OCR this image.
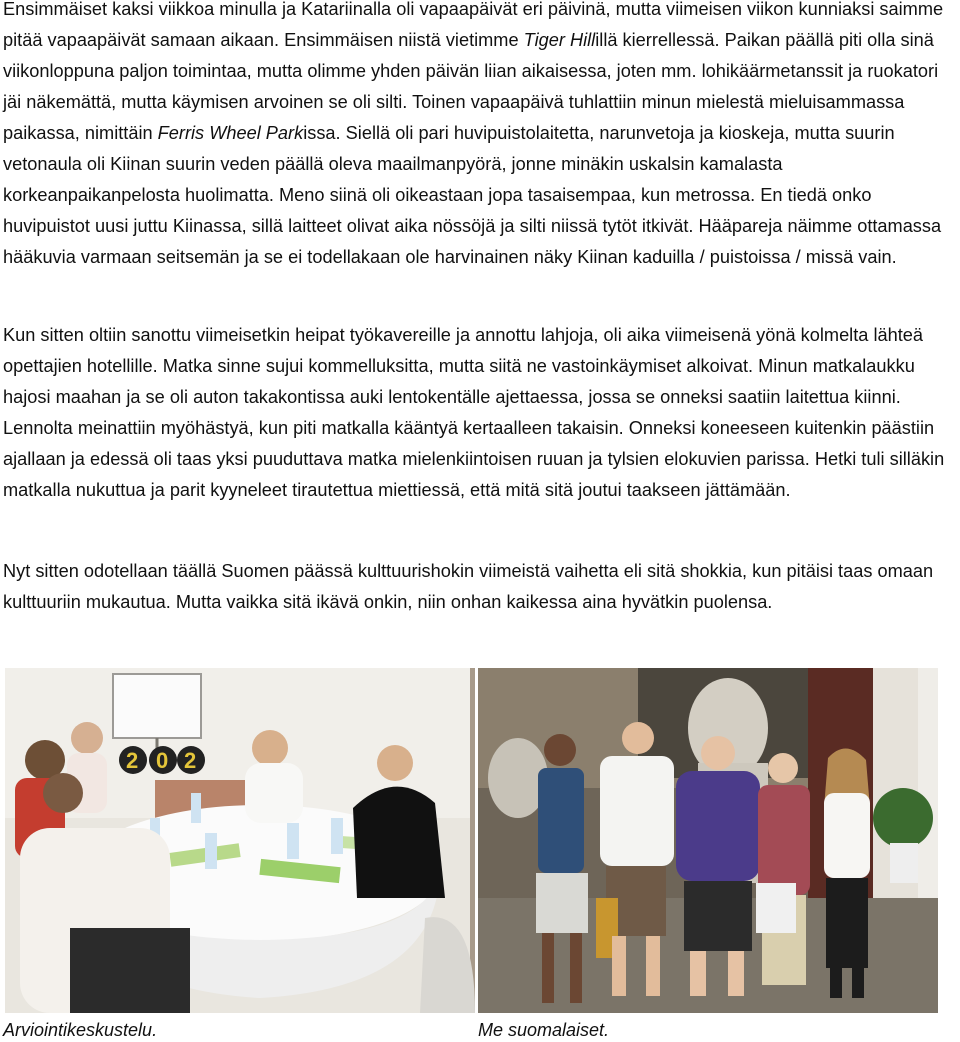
Ensimmäiset kaksi viikkoa minulla ja Katariinalla oli vapaapäivät eri päivinä, mutta viimeisen viikon kunniaksi saimme pitää vapaapäivät samaan aikaan. Ensimmäisen niistä vietimme Tiger Hillillä kierrellessä. Paikan päällä piti olla sinä viikonloppuna paljon toimintaa, mutta olimme yhden päivän liian aikaisessa, joten mm. lohikäärmetanssit ja ruokatori jäi näkemättä, mutta käymisen arvoinen se oli silti. Toinen vapaapäivä tuhlattiin minun mielestä mieluisammassa paikassa, nimittäin Ferris Wheel Parkissa. Siellä oli pari huvipuistolaitetta, narunvetoja ja kioskeja, mutta suurin vetonaula oli Kiinan suurin veden päällä oleva maailmanpyörä, jonne minäkin uskalsin kamalasta korkeanpaikanpelosta huolimatta. Meno siinä oli oikeastaan jopa tasaisempaa, kun metrossa. En tiedä onko huvipuistot uusi juttu Kiinassa, sillä laitteet olivat aika nössöjä ja silti niissä tytöt itkivät. Hääpareja näimme ottamassa hääkuvia varmaan seitsemän ja se ei todellakaan ole harvinainen näky Kiinan kaduilla / puistoissa / missä vain.

Kun sitten oltiin sanottu viimeisetkin heipat työkavereille ja annottu lahjoja, oli aika viimeisenä yönä kolmelta lähteä opettajien hotellille. Matka sinne sujui kommelluksitta, mutta siitä ne vastoinkäymiset alkoivat. Minun matkalaukku hajosi maahan ja se oli auton takakontissa auki lentokentälle ajettaessa, jossa se onneksi saatiin laitettua kiinni. Lennolta meinattiin myöhästyä, kun piti matkalla kääntyä kertaalleen takaisin. Onneksi koneeseen kuitenkin päästiin ajallaan ja edessä oli taas yksi puuduttava matka mielenkiintoisen ruuan ja tylsien elokuvien parissa. Hetki tuli silläkin matkalla nukuttua ja parit kyyneleet tirautettua miettiessä, että mitä sitä joutui taakseen jättämään.

Nyt sitten odotellaan täällä Suomen päässä kulttuurishokin viimeistä vaihetta eli sitä shokkia, kun pitäisi taas omaan kulttuuriin mukautua. Mutta vaikka sitä ikävä onkin, niin onhan kaikessa aina hyvätkin puolensa.

2 0 2
Arviointikeskustelu.	Me suomalaiset.
